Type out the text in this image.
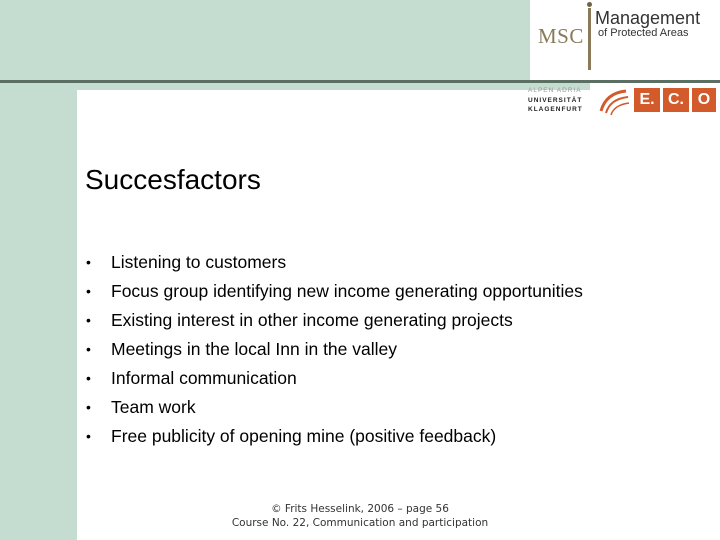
MSC
Management
of Protected Areas
ALPEN ADRIA
UNIVERSITÄT
KLAGENFURT
E. C. O
Succesfactors
• Listening to customers
• Focus group identifying new income generating opportunities
• Existing interest in other income generating projects
• Meetings in the local Inn in the valley
• Informal communication
• Team work
• Free publicity of opening mine (positive feedback)
© Frits Hesselink, 2006 – page 56
Course No. 22, Communication and participation
